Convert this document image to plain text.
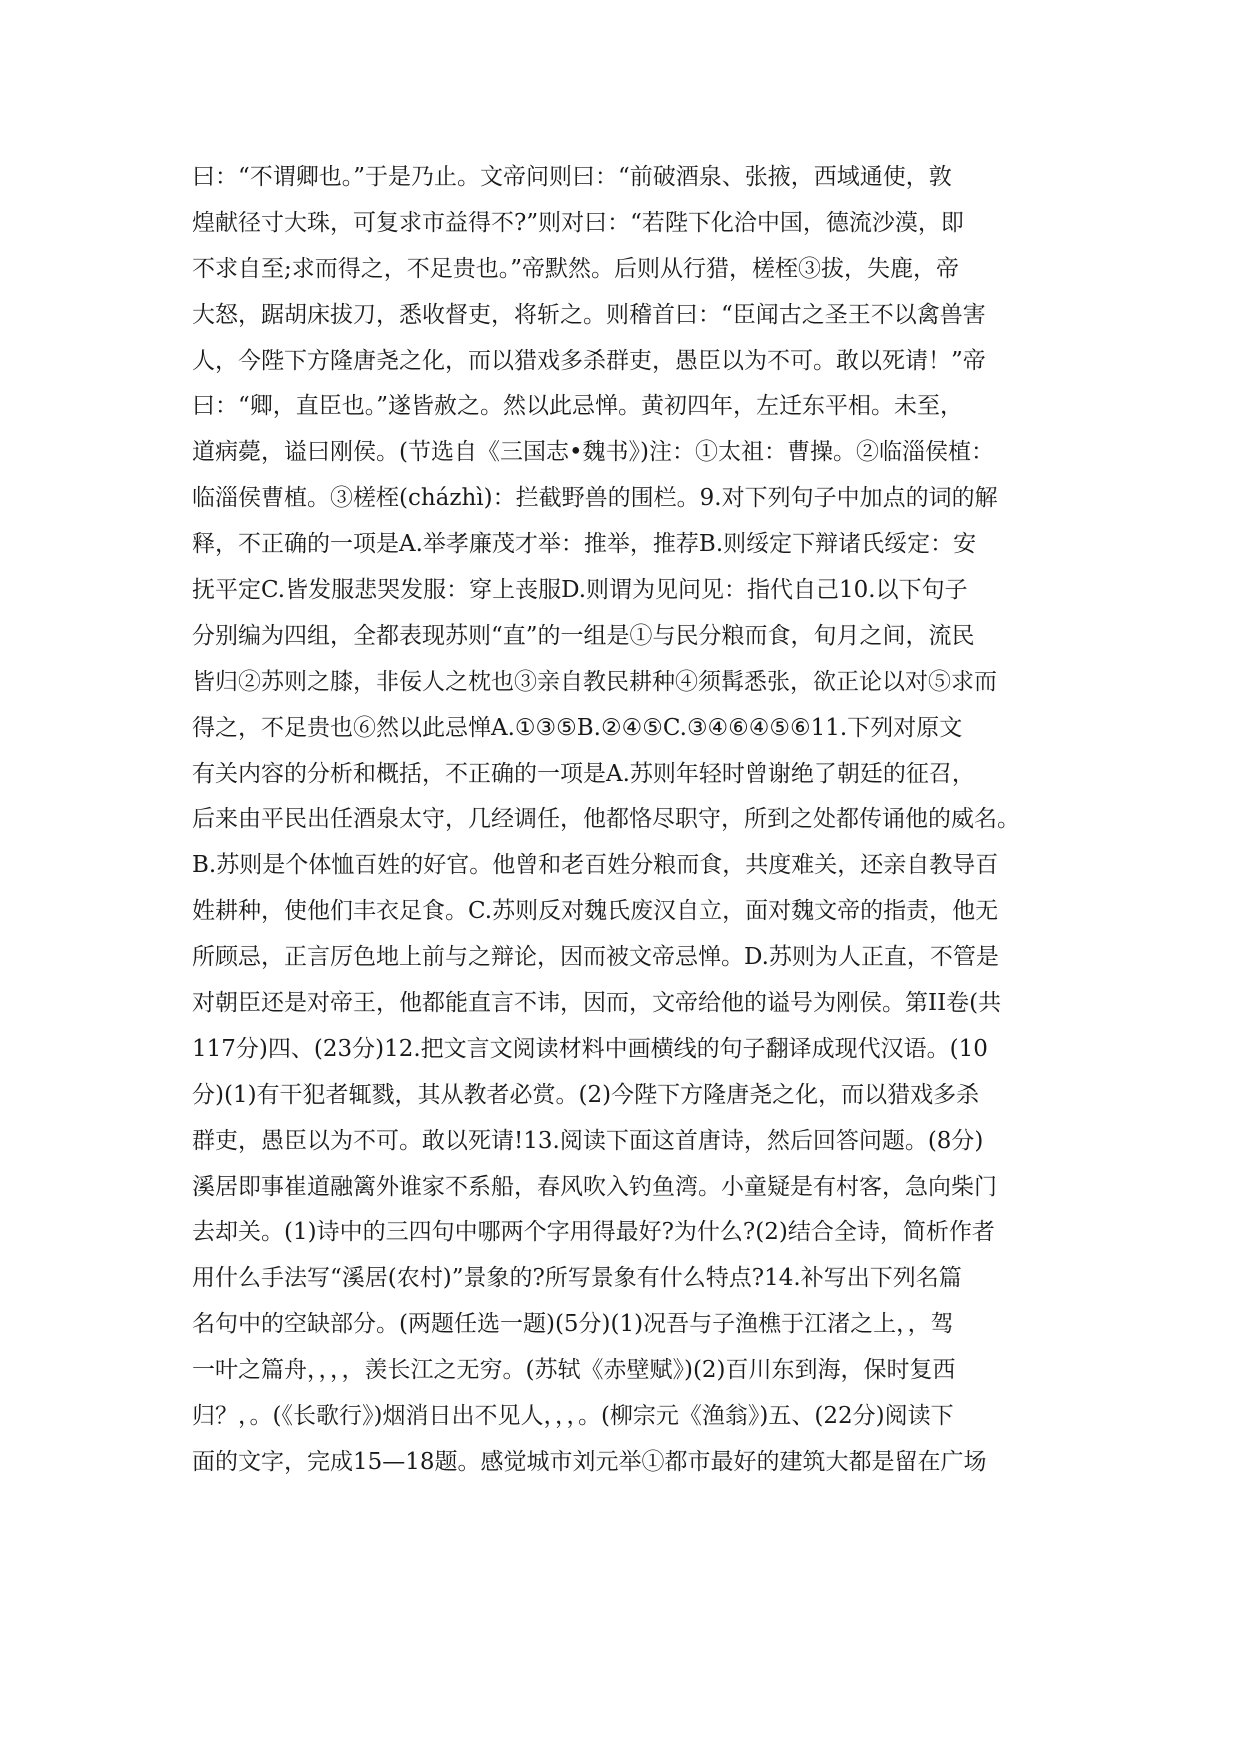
曰：“不谓卿也。”于是乃止。文帝问则曰：“前破酒泉、张掖，西域通使，敦
煌献径寸大珠，可复求市益得不?”则对曰：“若陛下化洽中国，德流沙漠，即
不求自至;求而得之，不足贵也。”帝默然。后则从行猎，槎桎③拔，失鹿，帝
大怒，踞胡床拔刀，悉收督吏，将斩之。则稽首曰：“臣闻古之圣王不以禽兽害
人，今陛下方隆唐尧之化，而以猎戏多杀群吏，愚臣以为不可。敢以死请！”帝
曰：“卿，直臣也。”遂皆赦之。然以此忌惮。黄初四年，左迁东平相。未至，
道病薨，谥曰刚侯。(节选自《三国志•魏书》)注：①太祖：曹操。②临淄侯植：
临淄侯曹植。③槎桎(cházhì)：拦截野兽的围栏。9.对下列句子中加点的词的解
释，不正确的一项是A.举孝廉茂才举：推举，推荐B.则绥定下辩诸氏绥定：安
抚平定C.皆发服悲哭发服：穿上丧服D.则谓为见问见：指代自己10.以下句子
分别编为四组，全都表现苏则“直”的一组是①与民分粮而食，旬月之间，流民
皆归②苏则之膝，非佞人之枕也③亲自教民耕种④须髯悉张，欲正论以对⑤求而
得之，不足贵也⑥然以此忌惮A.①③⑤B.②④⑤C.③④⑥④⑤⑥11.下列对原文
有关内容的分析和概括，不正确的一项是A.苏则年轻时曾谢绝了朝廷的征召，
后来由平民出任酒泉太守，几经调任，他都恪尽职守，所到之处都传诵他的威名。
B.苏则是个体恤百姓的好官。他曾和老百姓分粮而食，共度难关，还亲自教导百
姓耕种，使他们丰衣足食。C.苏则反对魏氏废汉自立，面对魏文帝的指责，他无
所顾忌，正言厉色地上前与之辩论，因而被文帝忌惮。D.苏则为人正直，不管是
对朝臣还是对帝王，他都能直言不讳，因而，文帝给他的谥号为刚侯。第II卷(共
117分)四、(23分)12.把文言文阅读材料中画横线的句子翻译成现代汉语。(10
分)(1)有干犯者辄戮，其从教者必赏。(2)今陛下方隆唐尧之化，而以猎戏多杀
群吏，愚臣以为不可。敢以死请!13.阅读下面这首唐诗，然后回答问题。(8分)
溪居即事崔道融篱外谁家不系船，春风吹入钓鱼湾。小童疑是有村客，急向柴门
去却关。(1)诗中的三四句中哪两个字用得最好?为什么?(2)结合全诗，简析作者
用什么手法写“溪居(农村)”景象的?所写景象有什么特点?14.补写出下列名篇
名句中的空缺部分。(两题任选一题)(5分)(1)况吾与子渔樵于江渚之上，，驾
一叶之篇舟，，，，羡长江之无穷。(苏轼《赤壁赋》)(2)百川东到海，保时复西
归？，。(《长歌行》)烟消日出不见人，，，。(柳宗元《渔翁》)五、(22分)阅读下
面的文字，完成15—18题。感觉城市刘元举①都市最好的建筑大都是留在广场
